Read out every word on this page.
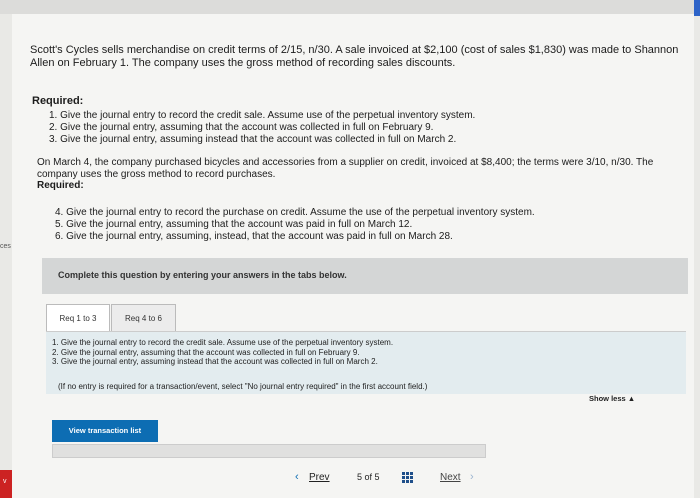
ces
v
Scott's Cycles sells merchandise on credit terms of 2/15, n/30. A sale invoiced at $2,100 (cost of sales $1,830) was made to Shannon Allen on February 1. The company uses the gross method of recording sales discounts.
Required:
1. Give the journal entry to record the credit sale. Assume use of the perpetual inventory system.
2. Give the journal entry, assuming that the account was collected in full on February 9.
3. Give the journal entry, assuming instead that the account was collected in full on March 2.
On March 4, the company purchased bicycles and accessories from a supplier on credit, invoiced at $8,400; the terms were 3/10, n/30. The company uses the gross method to record purchases.
Required:
4. Give the journal entry to record the purchase on credit. Assume the use of the perpetual inventory system.
5. Give the journal entry, assuming that the account was paid in full on March 12.
6. Give the journal entry, assuming, instead, that the account was paid in full on March 28.
Complete this question by entering your answers in the tabs below.
Req 1 to 3	Req 4 to 6
1. Give the journal entry to record the credit sale. Assume use of the perpetual inventory system.
2. Give the journal entry, assuming that the account was collected in full on February 9.
3. Give the journal entry, assuming instead that the account was collected in full on March 2.
(If no entry is required for a transaction/event, select "No journal entry required" in the first account field.)
Show less ▲
View transaction list
‹ Prev	5 of 5	Next ›
